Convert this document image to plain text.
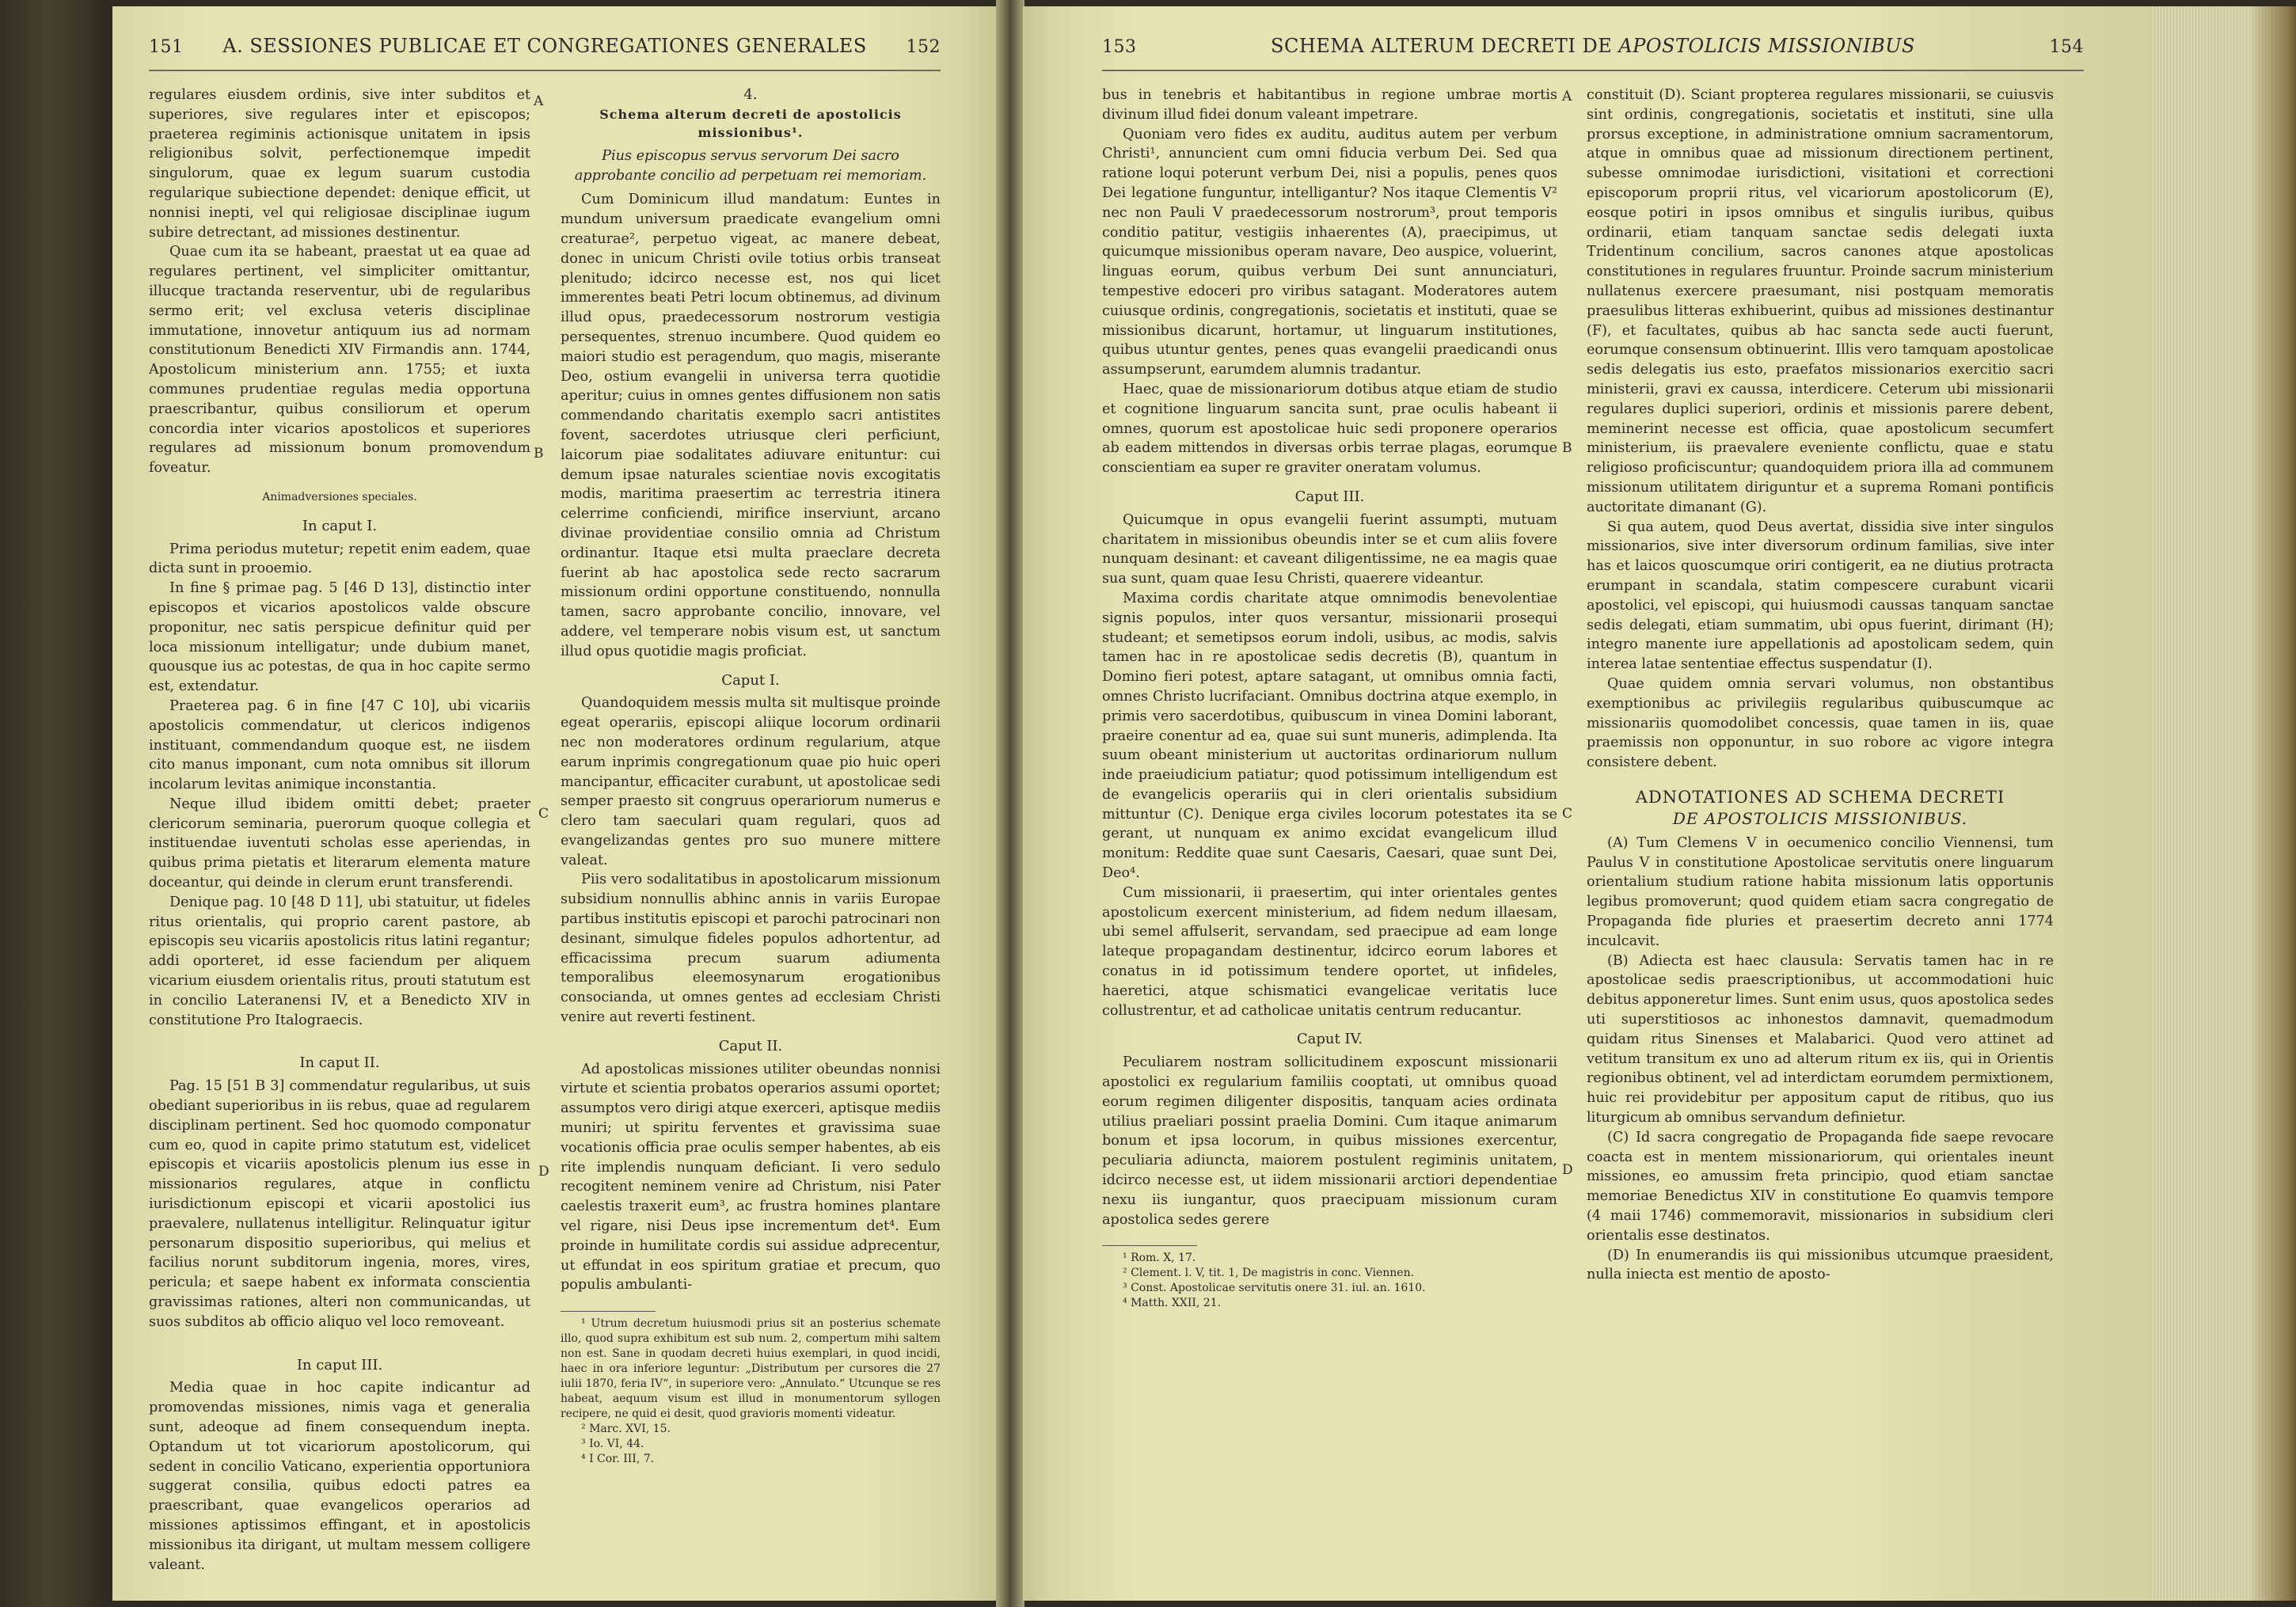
151	A. SESSIONES PUBLICAE ET CONGREGATIONES GENERALES	152

regulares eiusdem ordinis, sive inter subditos et superiores, sive regulares inter et episcopos; praeterea regiminis actionisque unitatem in ipsis religionibus solvit, perfectionemque impedit singulorum, quae ex legum suarum custodia regularique subiectione dependet: denique efficit, ut nonnisi inepti, vel qui religiosae disciplinae iugum subire detrectant, ad missiones destinentur.

Quae cum ita se habeant, praestat ut ea quae ad regulares pertinent, vel simpliciter omittantur, illucque tractanda reserventur, ubi de regularibus sermo erit; vel exclusa veteris disciplinae immutatione, innovetur antiquum ius ad normam constitutionum Benedicti XIV Firmandis ann. 1744, Apostolicum ministerium ann. 1755; et iuxta communes prudentiae regulas media opportuna praescribantur, quibus consiliorum et operum concordia inter vicarios apostolicos et superiores regulares ad missionum bonum promovendum foveatur.

Animadversiones speciales.

In caput I.

Prima periodus mutetur; repetit enim eadem, quae dicta sunt in prooemio.

In fine § primae pag. 5 [46 D 13], distinctio inter episcopos et vicarios apostolicos valde obscure proponitur, nec satis perspicue definitur quid per loca missionum intelligatur; unde dubium manet, quousque ius ac potestas, de qua in hoc capite sermo est, extendatur.

Praeterea pag. 6 in fine [47 C 10], ubi vicariis apostolicis commendatur, ut clericos indigenos instituant, commendandum quoque est, ne iisdem cito manus imponant, cum nota omnibus sit illorum incolarum levitas animique inconstantia.

Neque illud ibidem omitti debet; praeter clericorum seminaria, puerorum quoque collegia et instituendae iuventuti scholas esse aperiendas, in quibus prima pietatis et literarum elementa mature doceantur, qui deinde in clerum erunt transferendi.

Denique pag. 10 [48 D 11], ubi statuitur, ut fideles ritus orientalis, qui proprio carent pastore, ab episcopis seu vicariis apostolicis ritus latini regantur; addi oporteret, id esse faciendum per aliquem vicarium eiusdem orientalis ritus, prouti statutum est in concilio Lateranensi IV, et a Benedicto XIV in constitutione Pro Italograecis.

In caput II.

Pag. 15 [51 B 3] commendatur regularibus, ut suis obediant superioribus in iis rebus, quae ad regularem disciplinam pertinent. Sed hoc quomodo componatur cum eo, quod in capite primo statutum est, videlicet episcopis et vicariis apostolicis plenum ius esse in missionarios regulares, atque in conflictu iurisdictionum episcopi et vicarii apostolici ius praevalere, nullatenus intelligitur. Relinquatur igitur personarum dispositio superioribus, qui melius et facilius norunt subditorum ingenia, mores, vires, pericula; et saepe habent ex informata conscientia gravissimas rationes, alteri non communicandas, ut suos subditos ab officio aliquo vel loco removeant.

In caput III.

Media quae in hoc capite indicantur ad promovendas missiones, nimis vaga et generalia sunt, adeoque ad finem consequendum inepta. Optandum ut tot vicariorum apostolicorum, qui sedent in concilio Vaticano, experientia opportuniora suggerat consilia, quibus edocti patres ea praescribant, quae evangelicos operarios ad missiones aptissimos effingant, et in apostolicis missionibus ita dirigant, ut multam messem colligere valeant.

4.

Schema alterum decreti de apostolicis missionibus¹.

Pius episcopus servus servorum Dei sacro approbante concilio ad perpetuam rei memoriam.

Cum Dominicum illud mandatum: Euntes in mundum universum praedicate evangelium omni creaturae², perpetuo vigeat, ac manere debeat, donec in unicum Christi ovile totius orbis transeat plenitudo; idcirco necesse est, nos qui licet immerentes beati Petri locum obtinemus, ad divinum illud opus, praedecessorum nostrorum vestigia persequentes, strenuo incumbere. Quod quidem eo maiori studio est peragendum, quo magis, miserante Deo, ostium evangelii in universa terra quotidie aperitur; cuius in omnes gentes diffusionem non satis commendando charitatis exemplo sacri antistites fovent, sacerdotes utriusque cleri perficiunt, laicorum piae sodalitates adiuvare enituntur: cui demum ipsae naturales scientiae novis excogitatis modis, maritima praesertim ac terrestria itinera celerrime conficiendi, mirifice inserviunt, arcano divinae providentiae consilio omnia ad Christum ordinantur. Itaque etsi multa praeclare decreta fuerint ab hac apostolica sede recto sacrarum missionum ordini opportune constituendo, nonnulla tamen, sacro approbante concilio, innovare, vel addere, vel temperare nobis visum est, ut sanctum illud opus quotidie magis proficiat.

Caput I.

Quandoquidem messis multa sit multisque proinde egeat operariis, episcopi aliique locorum ordinarii nec non moderatores ordinum regularium, atque earum inprimis congregationum quae pio huic operi mancipantur, efficaciter curabunt, ut apostolicae sedi semper praesto sit congruus operariorum numerus e clero tam saeculari quam regulari, quos ad evangelizandas gentes pro suo munere mittere valeat.

Piis vero sodalitatibus in apostolicarum missionum subsidium nonnullis abhinc annis in variis Europae partibus institutis episcopi et parochi patrocinari non desinant, simulque fideles populos adhortentur, ad efficacissima precum suarum adiumenta temporalibus eleemosynarum erogationibus consocianda, ut omnes gentes ad ecclesiam Christi venire aut reverti festinent.

Caput II.

Ad apostolicas missiones utiliter obeundas nonnisi virtute et scientia probatos operarios assumi oportet; assumptos vero dirigi atque exerceri, aptisque mediis muniri; ut spiritu ferventes et gravissima suae vocationis officia prae oculis semper habentes, ab eis rite implendis nunquam deficiant. Ii vero sedulo recogitent neminem venire ad Christum, nisi Pater caelestis traxerit eum³, ac frustra homines plantare vel rigare, nisi Deus ipse incrementum det⁴. Eum proinde in humilitate cordis sui assidue adprecentur, ut effundat in eos spiritum gratiae et precum, quo populis ambulanti-

¹ Utrum decretum huiusmodi prius sit an posterius schemate illo, quod supra exhibitum est sub num. 2, compertum mihi saltem non est. Sane in quodam decreti huius exemplari, in quod incidi, haec in ora inferiore leguntur: „Distributum per cursores die 27 iulii 1870, feria IV“, in superiore vero: „Annulato.“ Utcunque se res habeat, aequum visum est illud in monumentorum syllogen recipere, ne quid ei desit, quod gravioris momenti videatur.

² Marc. XVI, 15.

³ Io. VI, 44.

⁴ I Cor. III, 7.

A
B
C
D
153	SCHEMA ALTERUM DECRETI DE APOSTOLICIS MISSIONIBUS	154

bus in tenebris et habitantibus in regione umbrae mortis divinum illud fidei donum valeant impetrare.

Quoniam vero fides ex auditu, auditus autem per verbum Christi¹, annuncient cum omni fiducia verbum Dei. Sed qua ratione loqui poterunt verbum Dei, nisi a populis, penes quos Dei legatione funguntur, intelligantur? Nos itaque Clementis V² nec non Pauli V praedecessorum nostrorum³, prout temporis conditio patitur, vestigiis inhaerentes (A), praecipimus, ut quicumque missionibus operam navare, Deo auspice, voluerint, linguas eorum, quibus verbum Dei sunt annunciaturi, tempestive edoceri pro viribus satagant. Moderatores autem cuiusque ordinis, congregationis, societatis et instituti, quae se missionibus dicarunt, hortamur, ut linguarum institutiones, quibus utuntur gentes, penes quas evangelii praedicandi onus assumpserunt, earumdem alumnis tradantur.

Haec, quae de missionariorum dotibus atque etiam de studio et cognitione linguarum sancita sunt, prae oculis habeant ii omnes, quorum est apostolicae huic sedi proponere operarios ab eadem mittendos in diversas orbis terrae plagas, eorumque conscientiam ea super re graviter oneratam volumus.

Caput III.

Quicumque in opus evangelii fuerint assumpti, mutuam charitatem in missionibus obeundis inter se et cum aliis fovere nunquam desinant: et caveant diligentissime, ne ea magis quae sua sunt, quam quae Iesu Christi, quaerere videantur.

Maxima cordis charitate atque omnimodis benevolentiae signis populos, inter quos versantur, missionarii prosequi studeant; et semetipsos eorum indoli, usibus, ac modis, salvis tamen hac in re apostolicae sedis decretis (B), quantum in Domino fieri potest, aptare satagant, ut omnibus omnia facti, omnes Christo lucrifaciant. Omnibus doctrina atque exemplo, in primis vero sacerdotibus, quibuscum in vinea Domini laborant, praeire conentur ad ea, quae sui sunt muneris, adimplenda. Ita suum obeant ministerium ut auctoritas ordinariorum nullum inde praeiudicium patiatur; quod potissimum intelligendum est de evangelicis operariis qui in cleri orientalis subsidium mittuntur (C). Denique erga civiles locorum potestates ita se gerant, ut nunquam ex animo excidat evangelicum illud monitum: Reddite quae sunt Caesaris, Caesari, quae sunt Dei, Deo⁴.

Cum missionarii, ii praesertim, qui inter orientales gentes apostolicum exercent ministerium, ad fidem nedum illaesam, ubi semel affulserit, servandam, sed praecipue ad eam longe lateque propagandam destinentur, idcirco eorum labores et conatus in id potissimum tendere oportet, ut infideles, haeretici, atque schismatici evangelicae veritatis luce collustrentur, et ad catholicae unitatis centrum reducantur.

Caput IV.

Peculiarem nostram sollicitudinem exposcunt missionarii apostolici ex regularium familiis cooptati, ut omnibus quoad eorum regimen diligenter dispositis, tanquam acies ordinata utilius praeliari possint praelia Domini. Cum itaque animarum bonum et ipsa locorum, in quibus missiones exercentur, peculiaria adiuncta, maiorem postulent regiminis unitatem, idcirco necesse est, ut iidem missionarii arctiori dependentiae nexu iis iungantur, quos praecipuam missionum curam apostolica sedes gerere

¹ Rom. X, 17.

² Clement. l. V, tit. 1, De magistris in conc. Viennen.

³ Const. Apostolicae servitutis onere 31. iul. an. 1610.

⁴ Matth. XXII, 21.

constituit (D). Sciant propterea regulares missionarii, se cuiusvis sint ordinis, congregationis, societatis et instituti, sine ulla prorsus exceptione, in administratione omnium sacramentorum, atque in omnibus quae ad missionum directionem pertinent, subesse omnimodae iurisdictioni, visitationi et correctioni episcoporum proprii ritus, vel vicariorum apostolicorum (E), eosque potiri in ipsos omnibus et singulis iuribus, quibus ordinarii, etiam tanquam sanctae sedis delegati iuxta Tridentinum concilium, sacros canones atque apostolicas constitutiones in regulares fruuntur. Proinde sacrum ministerium nullatenus exercere praesumant, nisi postquam memoratis praesulibus litteras exhibuerint, quibus ad missiones destinantur (F), et facultates, quibus ab hac sancta sede aucti fuerunt, eorumque consensum obtinuerint. Illis vero tamquam apostolicae sedis delegatis ius esto, praefatos missionarios exercitio sacri ministerii, gravi ex caussa, interdicere. Ceterum ubi missionarii regulares duplici superiori, ordinis et missionis parere debent, meminerint necesse est officia, quae apostolicum secumfert ministerium, iis praevalere eveniente conflictu, quae e statu religioso proficiscuntur; quandoquidem priora illa ad communem missionum utilitatem diriguntur et a suprema Romani pontificis auctoritate dimanant (G).

Si qua autem, quod Deus avertat, dissidia sive inter singulos missionarios, sive inter diversorum ordinum familias, sive inter has et laicos quoscumque oriri contigerit, ea ne diutius protracta erumpant in scandala, statim compescere curabunt vicarii apostolici, vel episcopi, qui huiusmodi caussas tanquam sanctae sedis delegati, etiam summatim, ubi opus fuerint, dirimant (H); integro manente iure appellationis ad apostolicam sedem, quin interea latae sententiae effectus suspendatur (I).

Quae quidem omnia servari volumus, non obstantibus exemptionibus ac privilegiis regularibus quibuscumque ac missionariis quomodolibet concessis, quae tamen in iis, quae praemissis non opponuntur, in suo robore ac vigore integra consistere debent.

ADNOTATIONES AD SCHEMA DECRETI

DE APOSTOLICIS MISSIONIBUS.

(A) Tum Clemens V in oecumenico concilio Viennensi, tum Paulus V in constitutione Apostolicae servitutis onere linguarum orientalium studium ratione habita missionum latis opportunis legibus promoverunt; quod quidem etiam sacra congregatio de Propaganda fide pluries et praesertim decreto anni 1774 inculcavit.

(B) Adiecta est haec clausula: Servatis tamen hac in re apostolicae sedis praescriptionibus, ut accommodationi huic debitus apponeretur limes. Sunt enim usus, quos apostolica sedes uti superstitiosos ac inhonestos damnavit, quemadmodum quidam ritus Sinenses et Malabarici. Quod vero attinet ad vetitum transitum ex uno ad alterum ritum ex iis, qui in Orientis regionibus obtinent, vel ad interdictam eorumdem permixtionem, huic rei providebitur per appositum caput de ritibus, quo ius liturgicum ab omnibus servandum definietur.

(C) Id sacra congregatio de Propaganda fide saepe revocare coacta est in mentem missionariorum, qui orientales ineunt missiones, eo amussim freta principio, quod etiam sanctae memoriae Benedictus XIV in constitutione Eo quamvis tempore (4 maii 1746) commemoravit, missionarios in subsidium cleri orientalis esse destinatos.

(D) In enumerandis iis qui missionibus utcumque praesident, nulla iniecta est mentio de aposto-

A
B
C
D
